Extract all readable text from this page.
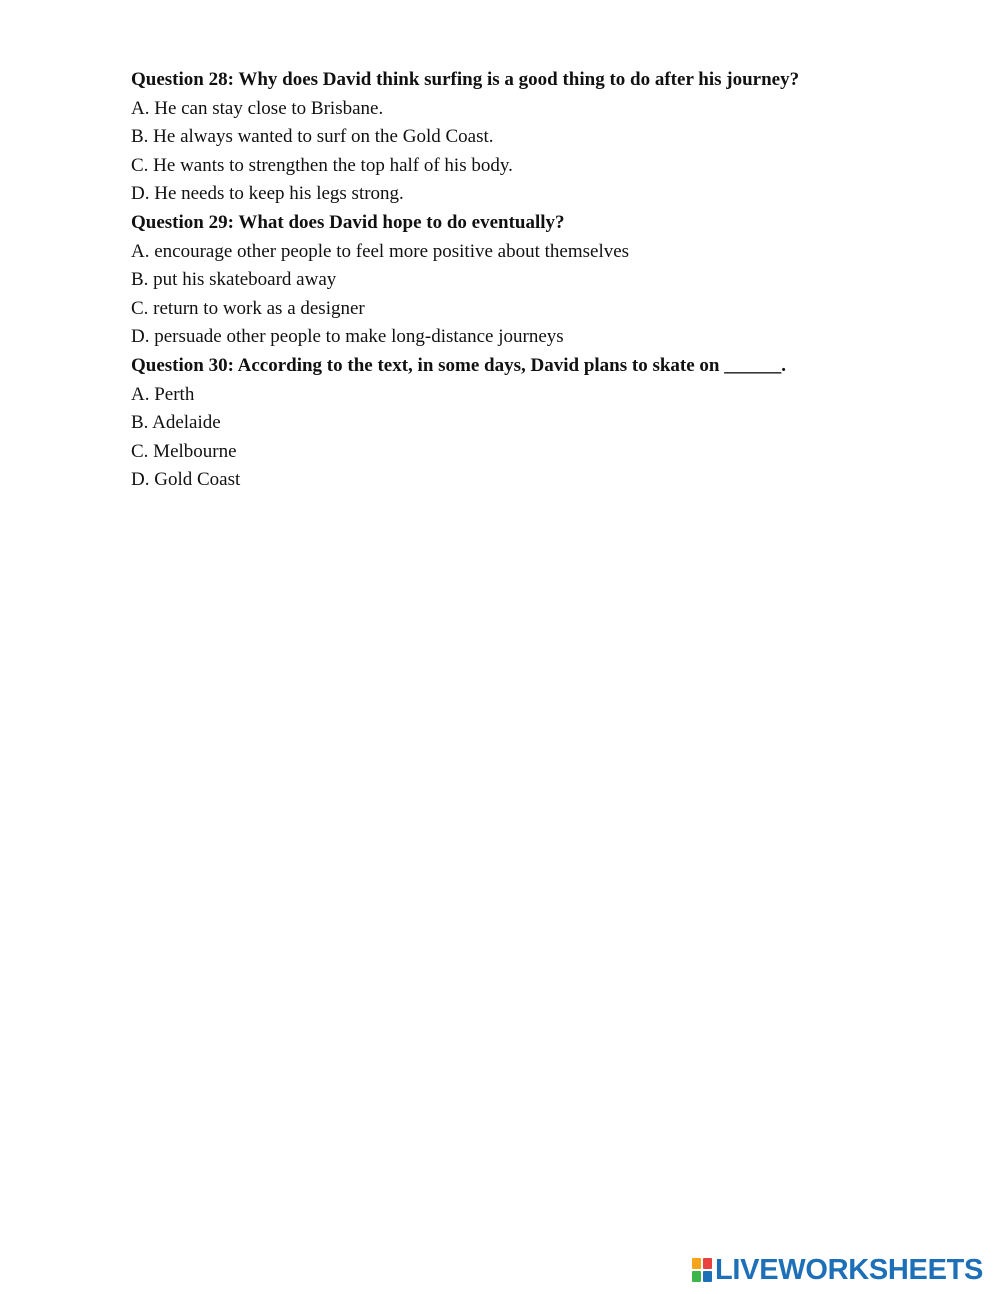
Question 28: Why does David think surfing is a good thing to do after his journey?
A. He can stay close to Brisbane.
B. He always wanted to surf on the Gold Coast.
C. He wants to strengthen the top half of his body.
D. He needs to keep his legs strong.
Question 29: What does David hope to do eventually?
A. encourage other people to feel more positive about themselves
B. put his skateboard away
C. return to work as a designer
D. persuade other people to make long-distance journeys
Question 30: According to the text, in some days, David plans to skate on ______.
A. Perth
B. Adelaide
C. Melbourne
D. Gold Coast
LIVEWORKSHEETS
